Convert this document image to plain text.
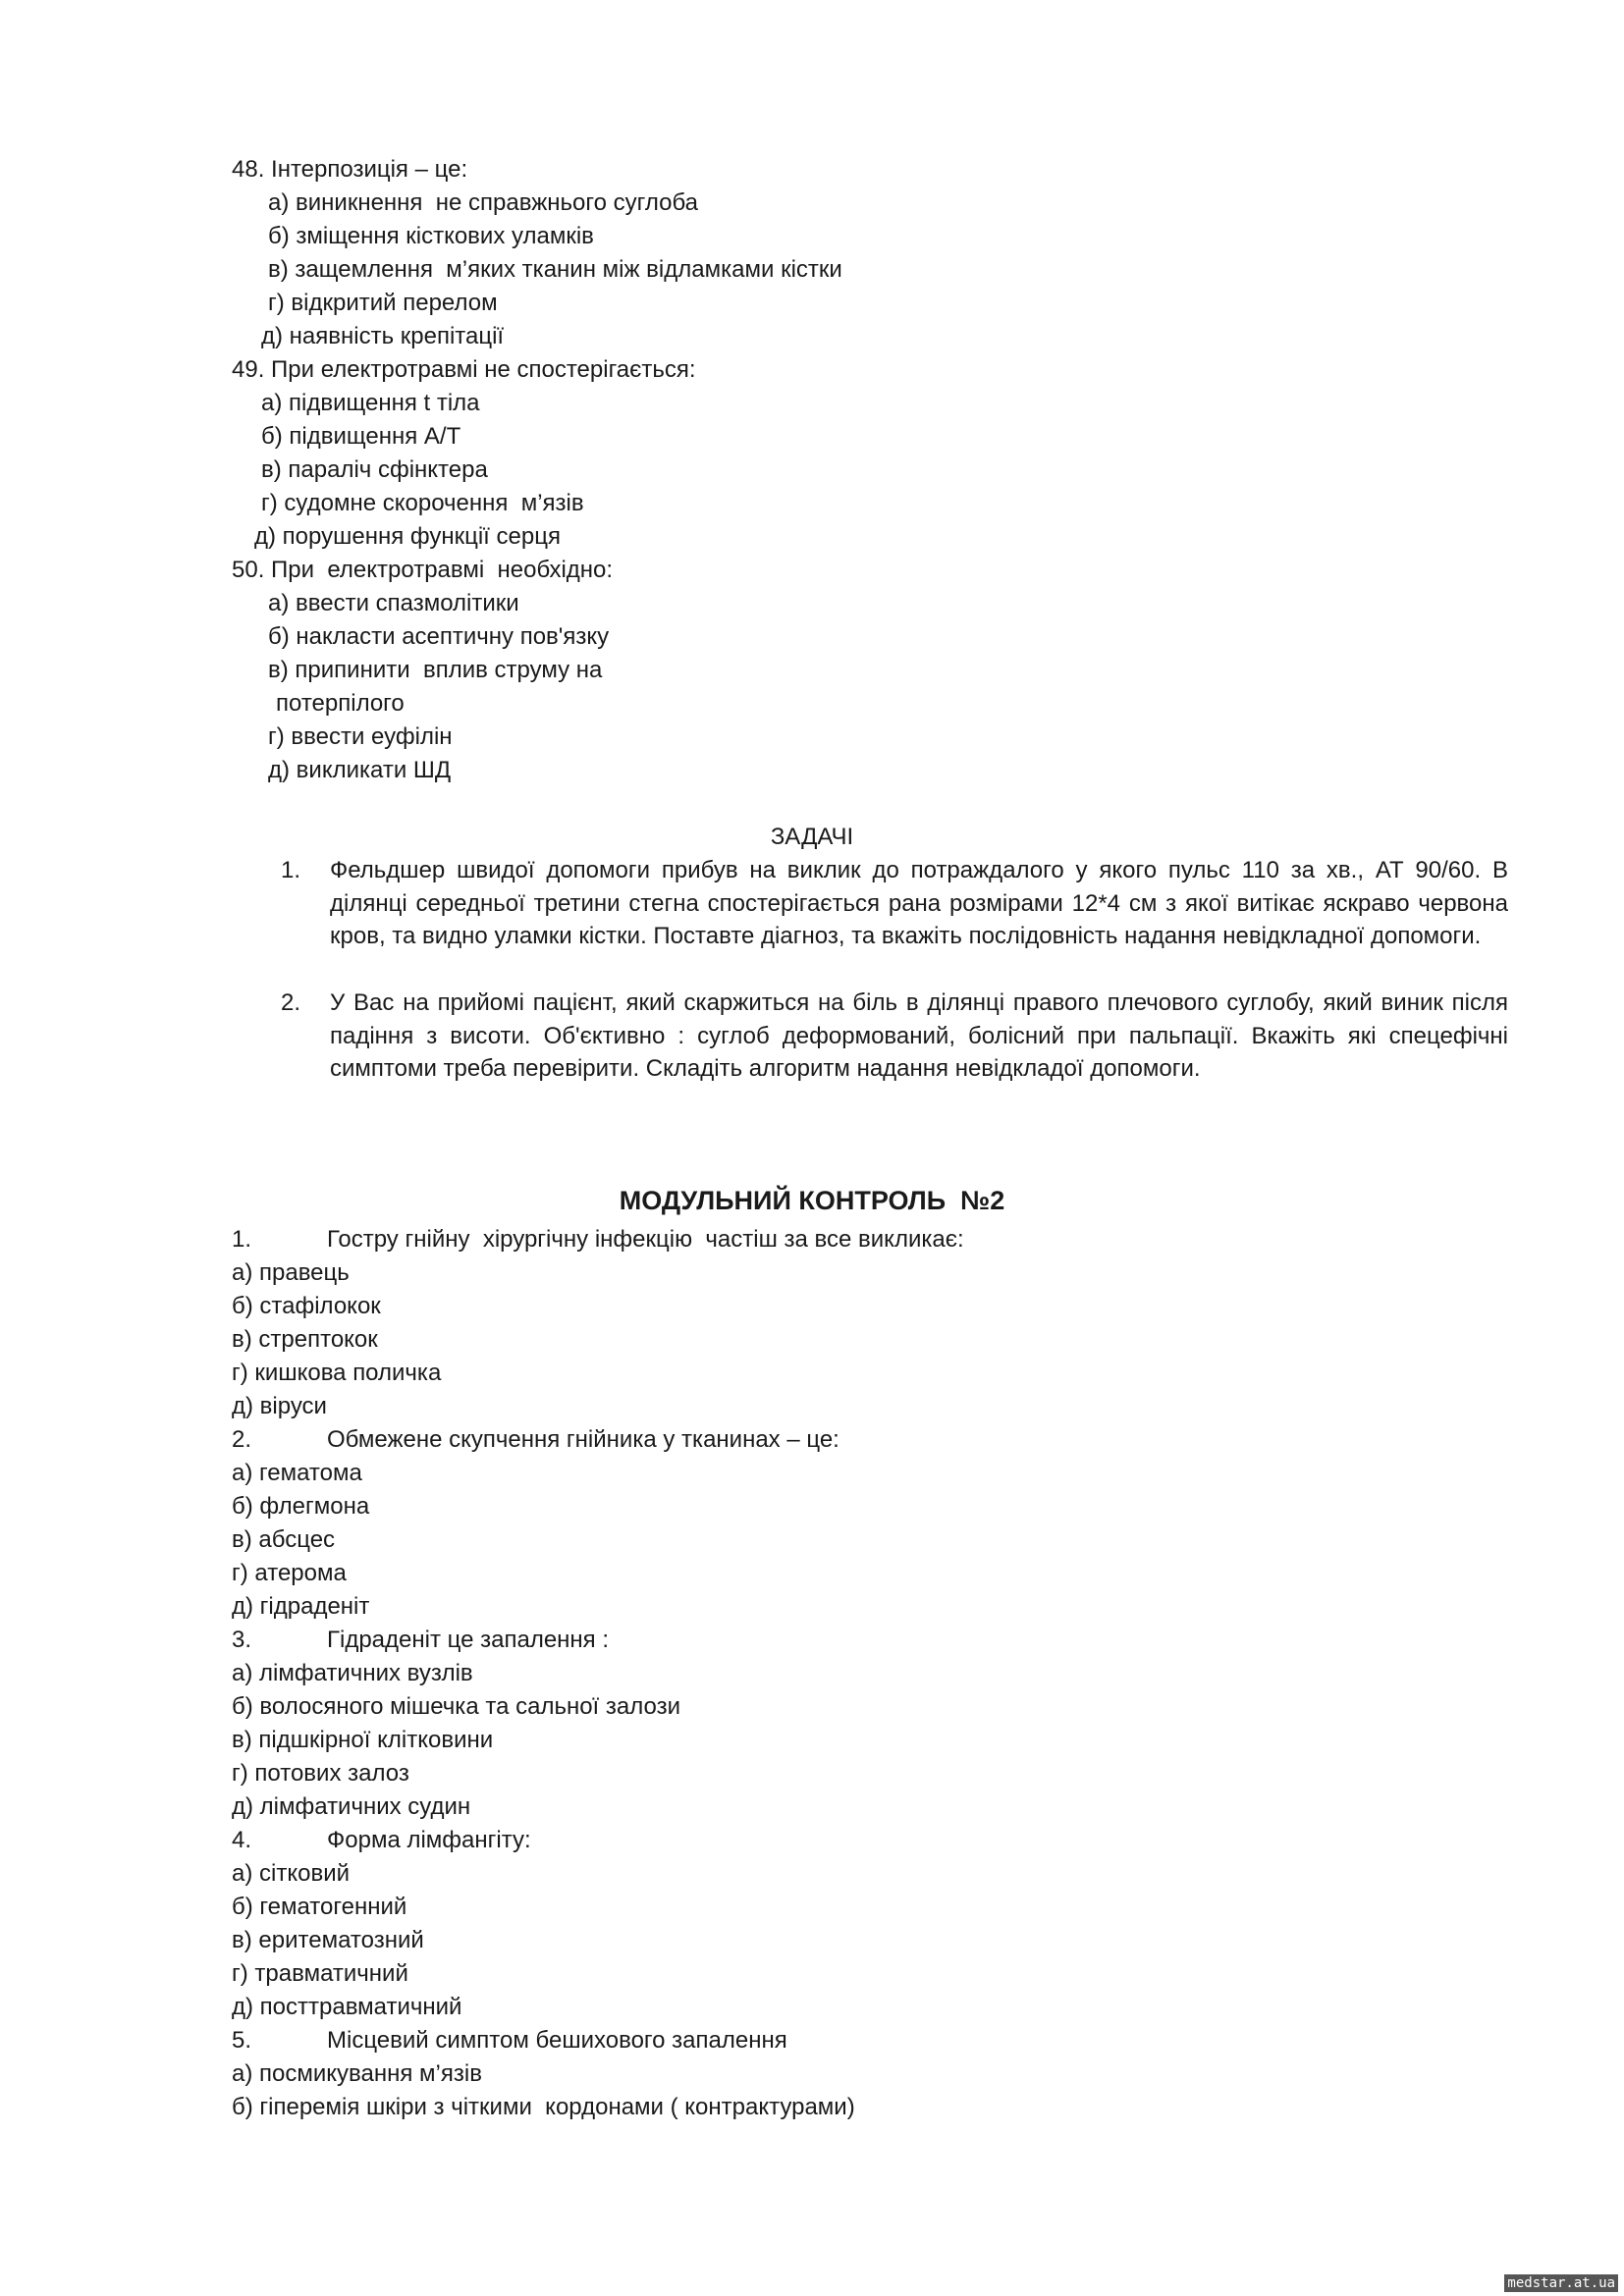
48. Інтерпозиція – це:
а) виникнення  не справжнього суглоба
б) зміщення кісткових уламків
в) защемлення  м’яких тканин між відламками кістки
г) відкритий перелом
д) наявність крепітації
49. При електротравмі не спостерігається:
а) підвищення t тіла
б) підвищення А/Т
в) параліч сфінктера
г) судомне скорочення  м’язів
д) порушення функції серця
50. При  електротравмі  необхідно:
а) ввести спазмолітики
б) накласти асептичну пов'язку
в) припинити  вплив струму на
потерпілого
г) ввести еуфілін
д) викликати ШД
ЗАДАЧІ
1. Фельдшер швидої допомоги прибув на виклик до потраждалого у якого пульс 110 за хв., АТ 90/60. В ділянці середньої третини стегна спостерігається рана розмірами 12*4 см з якої витікає яскраво червона кров, та видно уламки кістки. Поставте діагноз, та вкажіть послідовність надання невідкладної допомоги.
2. У Вас на прийомі пацієнт, який скаржиться на біль в ділянці правого плечового суглобу, який виник після падіння з висоти. Об'єктивно : суглоб деформований, болісний при пальпації. Вкажіть які спецефічні симптоми треба перевірити. Складіть алгоритм надання невідкладої допомоги.
МОДУЛЬНИЙ КОНТРОЛЬ  №2
1.	Гостру гнійну  хірургічну інфекцію  частіш за все викликає:
а) правець
б) стафілокок
в) стрептокок
г) кишкова поличка
д) віруси
2.	Обмежене скупчення гнійника у тканинах – це:
а) гематома
б) флегмона
в) абсцес
г) атерома
д) гідраденіт
3.	Гідраденіт це запалення :
а) лімфатичних вузлів
б) волосяного мішечка та сальної залози
в) підшкірної клітковини
г) потових залоз
д) лімфатичних судин
4.	Форма лімфангіту:
а) сітковий
б) гематогенний
в) еритематозний
г) травматичний
д) посттравматичний
5.	Місцевий симптом бешихового запалення
а) посмикування м’язів
б) гіперемія шкіри з чіткими  кордонами ( контрактурами)
medstar.at.ua
